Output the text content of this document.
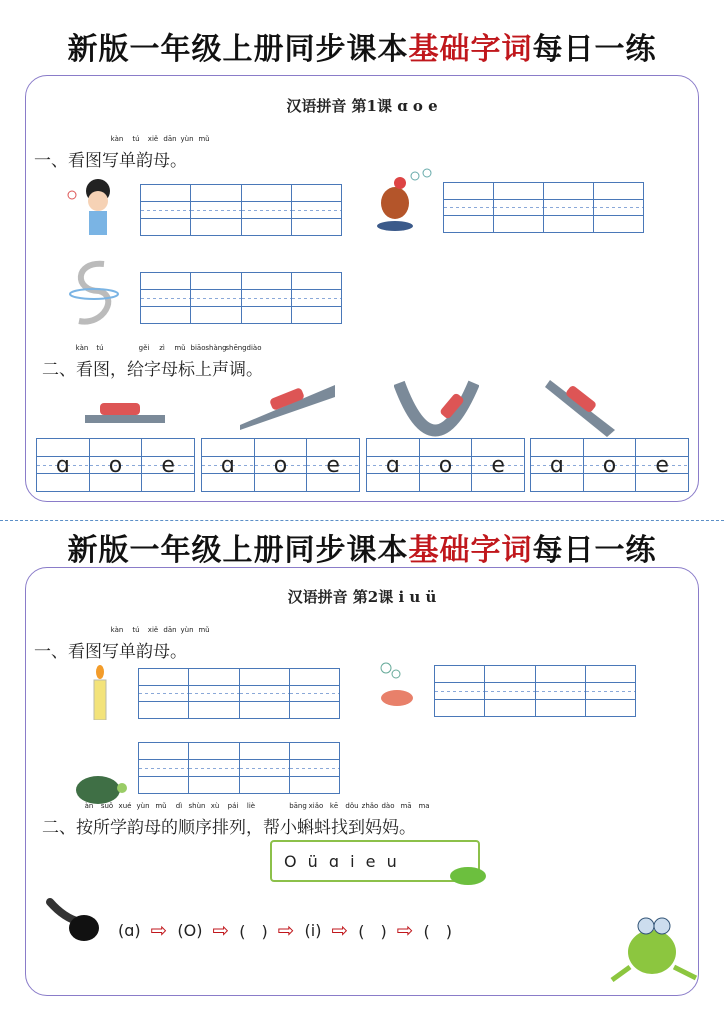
新版一年级上册同步课本基础字词每日一练
汉语拼音 第1课 ɑ o e
一、看图写单韵母。
kàn tú xiě dān yùn mǔ
二、看图，给字母标上声调。
kàn tú	gěi zì mǔ biāo shàng
shēng diào
ɑ	o	e	ɑ	o	e	ɑ	o	e	ɑ	o	e
新版一年级上册同步课本基础字词每日一练
汉语拼音 第2课 i u ü
一、看图写单韵母。
kàn tú xiě dān yùn mǔ
二、按所学韵母的顺序排列，帮小蝌蚪找到妈妈。
àn suǒ xué yùn mǔ dì shùn xù pái liè	bāng xiǎo kē dǒu zhǎo dào mā ma
O ü ɑ i e u
(ɑ) ⇨ (O) ⇨ (　) ⇨ (i) ⇨ (　) ⇨ (　)
